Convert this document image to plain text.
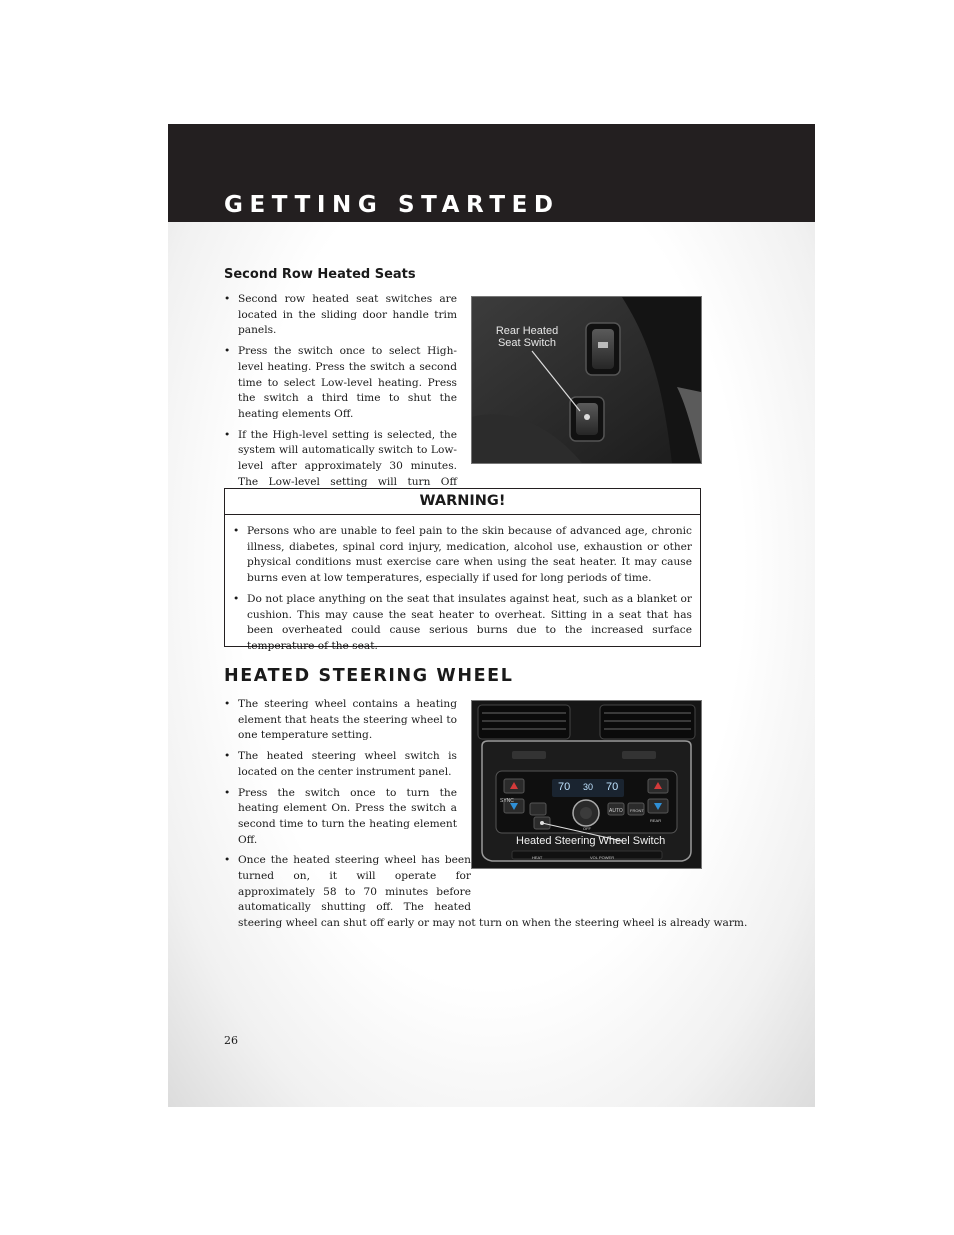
GETTING STARTED
Second Row Heated Seats
• Second row heated seat switches are located in the sliding door handle trim panels.
• Press the switch once to select High-level heating. Press the switch a second time to select Low-level heating. Press the switch a third time to shut the heating elements Off.
• If the High-level setting is selected, the system will automatically switch to Low-level after approximately 30 minutes. The Low-level setting will turn Off
Rear Heated
Seat Switch
WARNING!
• Persons who are unable to feel pain to the skin because of advanced age, chronic illness, diabetes, spinal cord injury, medication, alcohol use, exhaustion or other physical conditions must exercise care when using the seat heater. It may cause burns even at low temperatures, especially if used for long periods of time.
• Do not place anything on the seat that insulates against heat, such as a blanket or cushion. This may cause the seat heater to overheat. Sitting in a seat that has been overheated could cause serious burns due to the increased surface temperature of the seat.
HEATED STEERING WHEEL
70 30 70
SYNC
AUTO
OFF
FRONT
REAR
HEAT	VOL POWER
Heated Steering Wheel Switch
• The steering wheel contains a heating element that heats the steering wheel to one temperature setting.
• The heated steering wheel switch is located on the center instrument panel.
• Press the switch once to turn the heating element On. Press the switch a second time to turn the heating element Off.
• Once the heated steering wheel has been turned on, it will operate for approximately 58 to 70 minutes before automatically shutting off. The heated steering wheel can shut off early or may not turn on when the steering wheel is already warm.
26
